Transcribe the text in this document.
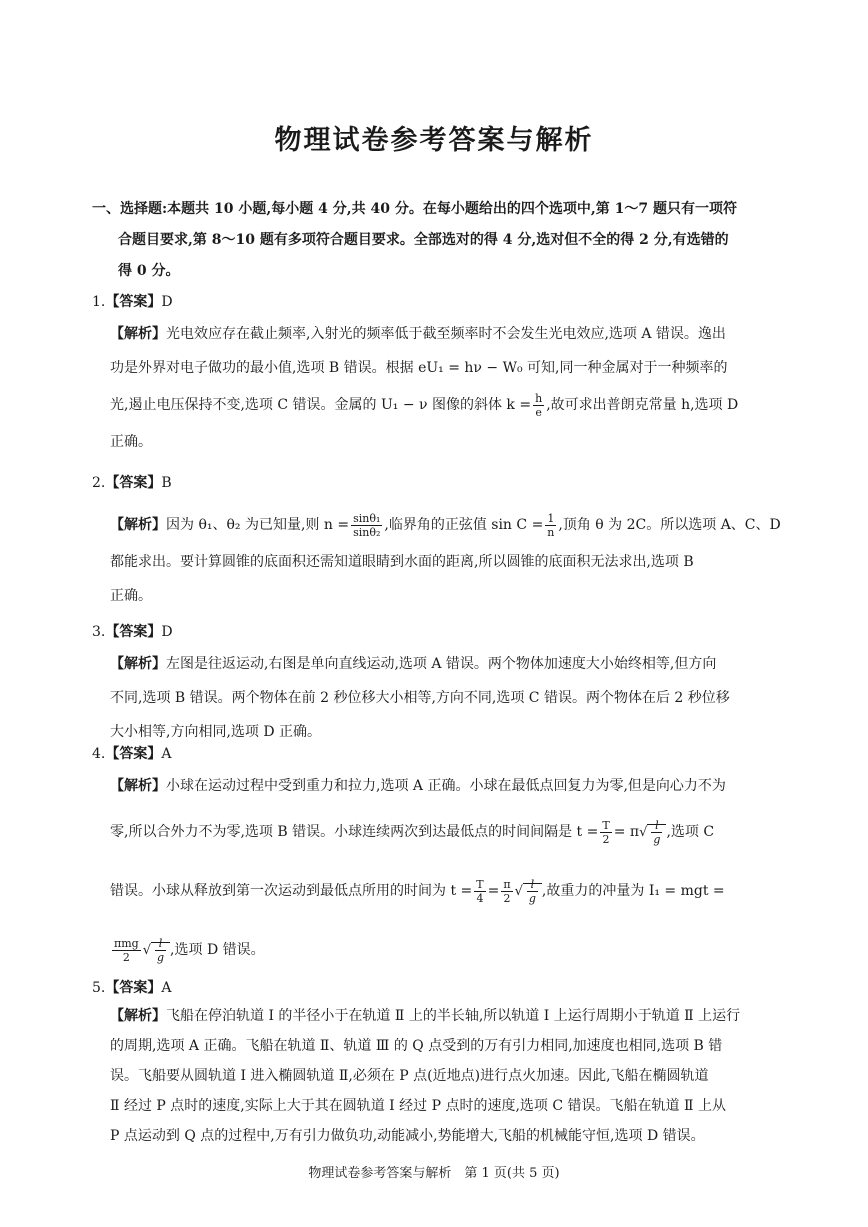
物理试卷参考答案与解析
一、选择题:本题共 10 小题,每小题 4 分,共 40 分。在每小题给出的四个选项中,第 1～7 题只有一项符
合题目要求,第 8～10 题有多项符合题目要求。全部选对的得 4 分,选对但不全的得 2 分,有选错的
得 0 分。
1.【答案】D
【解析】光电效应存在截止频率,入射光的频率低于截至频率时不会发生光电效应,选项 A 错误。逸出
功是外界对电子做功的最小值,选项 B 错误。根据 eU₁ = hν − W₀ 可知,同一种金属对于一种频率的
光,遏止电压保持不变,选项 C 错误。金属的 U₁ − ν 图像的斜体 $k = \frac{h}{e}$ ,故可求出普朗克常量 h,选项 D
正确。
2.【答案】B
【解析】因为 θ₁、θ₂ 为已知量,则 $n = \frac{\text{sinθ₁}}{\text{sinθ₂}}$ ,临界角的正弦值 $\sin C = \frac{1}{n}$ ,顶角 θ 为 2C。所以选项 A、C、D
都能求出。要计算圆锥的底面积还需知道眼睛到水面的距离,所以圆锥的底面积无法求出,选项 B
正确。
3.【答案】D
【解析】左图是往返运动,右图是单向直线运动,选项 A 错误。两个物体加速度大小始终相等,但方向
不同,选项 B 错误。两个物体在前 2 秒位移大小相等,方向不同,选项 C 错误。两个物体在后 2 秒位移
大小相等,方向相同,选项 D 正确。
4.【答案】A
【解析】小球在运动过程中受到重力和拉力,选项 A 正确。小球在最低点回复力为零,但是向心力不为
零,所以合外力不为零,选项 B 错误。小球连续两次到达最低点的时间间隔是 $t = \frac{T}{2} = \pi√ \frac{l}{g}$ ,选项 C
错误。小球从释放到第一次运动到最低点所用的时间为 $t = \frac{T}{4} = \frac{\pi}{2}$ √ $\frac{l}{g}$ ,故重力的冲量为 I₁ = mgt =
$\frac{\text{πmg}}{2}$ √ $\frac{l}{g}$ ,选项 D 错误。
5.【答案】A
【解析】飞船在停泊轨道 Ⅰ 的半径小于在轨道 Ⅱ 上的半长轴,所以轨道 Ⅰ 上运行周期小于轨道 Ⅱ 上运行
的周期,选项 A 正确。飞船在轨道 Ⅱ、轨道 Ⅲ 的 Q 点受到的万有引力相同,加速度也相同,选项 B 错
误。飞船要从圆轨道 Ⅰ 进入椭圆轨道 Ⅱ,必须在 P 点(近地点)进行点火加速。因此,飞船在椭圆轨道
Ⅱ 经过 P 点时的速度,实际上大于其在圆轨道 Ⅰ 经过 P 点时的速度,选项 C 错误。飞船在轨道 Ⅱ 上从
P 点运动到 Q 点的过程中,万有引力做负功,动能减小,势能增大,飞船的机械能守恒,选项 D 错误。
物理试卷参考答案与解析　第 1 页(共 5 页)
